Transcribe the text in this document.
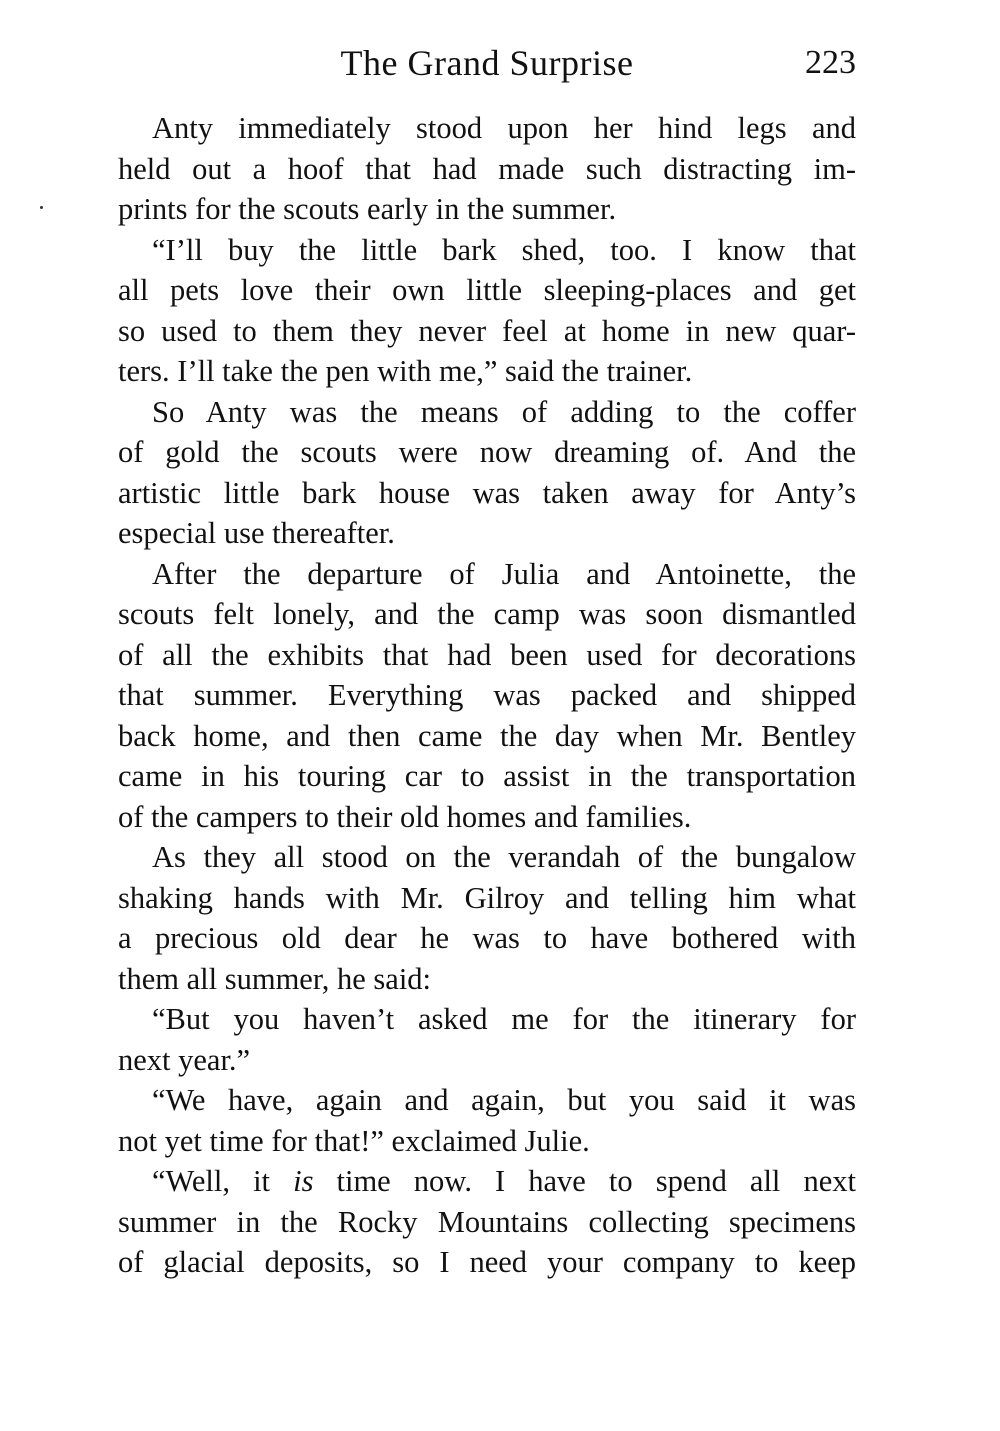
The Grand Surprise	223
Anty immediately stood upon her hind legs and
held out a hoof that had made such distracting im-
prints for the scouts early in the summer.
“I’ll buy the little bark shed, too. I know that
all pets love their own little sleeping-places and get
so used to them they never feel at home in new quar-
ters. I’ll take the pen with me,” said the trainer.
So Anty was the means of adding to the coffer
of gold the scouts were now dreaming of. And the
artistic little bark house was taken away for Anty’s
especial use thereafter.
After the departure of Julia and Antoinette, the
scouts felt lonely, and the camp was soon dismantled
of all the exhibits that had been used for decorations
that summer. Everything was packed and shipped
back home, and then came the day when Mr. Bentley
came in his touring car to assist in the transportation
of the campers to their old homes and families.
As they all stood on the verandah of the bungalow
shaking hands with Mr. Gilroy and telling him what
a precious old dear he was to have bothered with
them all summer, he said:
“But you haven’t asked me for the itinerary for
next year.”
“We have, again and again, but you said it was
not yet time for that!” exclaimed Julie.
“Well, it is time now. I have to spend all next
summer in the Rocky Mountains collecting specimens
of glacial deposits, so I need your company to keep
